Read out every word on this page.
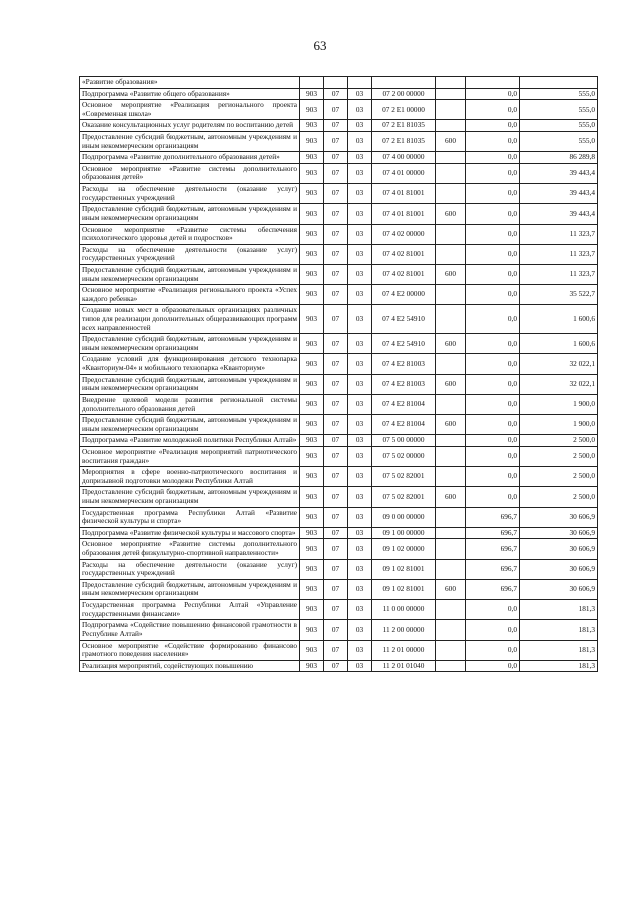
63
«Развитие образования»							
Подпрограмма «Развитие общего образования»	903	07	03	07 2 00 00000		0,0	555,0
Основное мероприятие «Реализация регионального проекта «Современная школа»	903	07	03	07 2 E1 00000		0,0	555,0
Оказание консультационных услуг родителям по воспитанию детей	903	07	03	07 2 E1 81035		0,0	555,0
Предоставление субсидий бюджетным, автономным учреждениям и иным некоммерческим организациям	903	07	03	07 2 E1 81035	600	0,0	555,0
Подпрограмма «Развитие дополнительного образования детей»	903	07	03	07 4 00 00000		0,0	86 289,8
Основное мероприятие «Развитие системы дополнительного образования детей»	903	07	03	07 4 01 00000		0,0	39 443,4
Расходы на обеспечение деятельности (оказание услуг) государственных учреждений	903	07	03	07 4 01 81001		0,0	39 443,4
Предоставление субсидий бюджетным, автономным учреждениям и иным некоммерческим организациям	903	07	03	07 4 01 81001	600	0,0	39 443,4
Основное мероприятие «Развитие системы обеспечения психологического здоровья детей и подростков»	903	07	03	07 4 02 00000		0,0	11 323,7
Расходы на обеспечение деятельности (оказание услуг) государственных учреждений	903	07	03	07 4 02 81001		0,0	11 323,7
Предоставление субсидий бюджетным, автономным учреждениям и иным некоммерческим организациям	903	07	03	07 4 02 81001	600	0,0	11 323,7
Основное мероприятие «Реализация регионального проекта «Успех каждого ребенка»	903	07	03	07 4 E2 00000		0,0	35 522,7
Создание новых мест в образовательных организациях различных типов для реализации дополнительных общеразвивающих программ всех направленностей	903	07	03	07 4 E2 54910		0,0	1 600,6
Предоставление субсидий бюджетным, автономным учреждениям и иным некоммерческим организациям	903	07	03	07 4 E2 54910	600	0,0	1 600,6
Создание условий для функционирования детского технопарка «Кванториум-04» и мобильного технопарка «Кванториум»	903	07	03	07 4 E2 81003		0,0	32 022,1
Предоставление субсидий бюджетным, автономным учреждениям и иным некоммерческим организациям	903	07	03	07 4 E2 81003	600	0,0	32 022,1
Внедрение целевой модели развития региональной системы дополнительного образования детей	903	07	03	07 4 E2 81004		0,0	1 900,0
Предоставление субсидий бюджетным, автономным учреждениям и иным некоммерческим организациям	903	07	03	07 4 E2 81004	600	0,0	1 900,0
Подпрограмма «Развитие молодежной политики Республики Алтай»	903	07	03	07 5 00 00000		0,0	2 500,0
Основное мероприятие «Реализация мероприятий патриотического воспитания граждан»	903	07	03	07 5 02 00000		0,0	2 500,0
Мероприятия в сфере военно-патриотического воспитания и допризывной подготовки молодежи Республики Алтай	903	07	03	07 5 02 82001		0,0	2 500,0
Предоставление субсидий бюджетным, автономным учреждениям и иным некоммерческим организациям	903	07	03	07 5 02 82001	600	0,0	2 500,0
Государственная программа Республики Алтай «Развитие физической культуры и спорта»	903	07	03	09 0 00 00000		696,7	30 606,9
Подпрограмма «Развитие физической культуры и массового спорта»	903	07	03	09 1 00 00000		696,7	30 606,9
Основное мероприятие «Развитие системы дополнительного образования детей физкультурно-спортивной направленности»	903	07	03	09 1 02 00000		696,7	30 606,9
Расходы на обеспечение деятельности (оказание услуг) государственных учреждений	903	07	03	09 1 02 81001		696,7	30 606,9
Предоставление субсидий бюджетным, автономным учреждениям и иным некоммерческим организациям	903	07	03	09 1 02 81001	600	696,7	30 606,9
Государственная программа Республики Алтай «Управление государственными финансами»	903	07	03	11 0 00 00000		0,0	181,3
Подпрограмма «Содействие повышению финансовой грамотности в Республике Алтай»	903	07	03	11 2 00 00000		0,0	181,3
Основное мероприятие «Содействие формированию финансово грамотного поведения населения»	903	07	03	11 2 01 00000		0,0	181,3
Реализация мероприятий, содействующих повышению	903	07	03	11 2 01 01040		0,0	181,3
